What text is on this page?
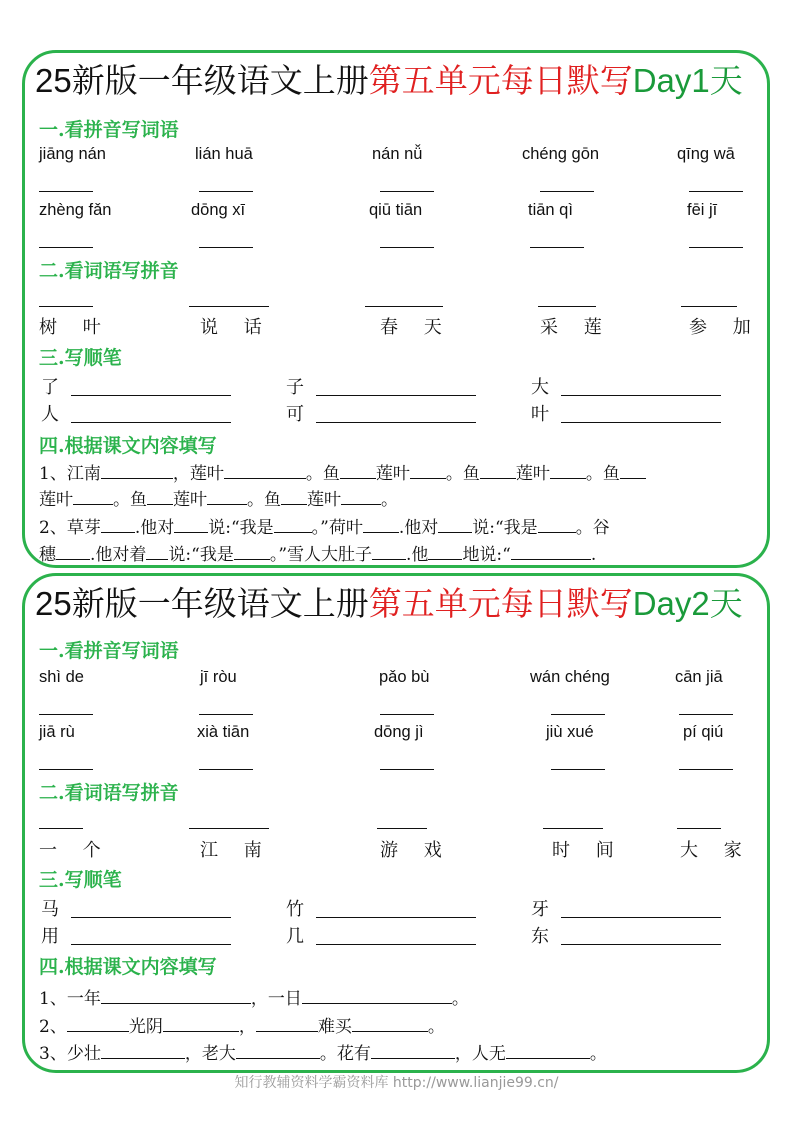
25新版一年级语文上册第五单元每日默写Day1天
一.看拼音写词语
jiāng nán	lián huā	nán nǚ	chéng gōn	qīng wā
zhèng fǎn	dōng xī	qiū tiān	tiān qì	fēi jī
二.看词语写拼音
树 叶	说 话	春 天	采 莲	参 加
三.写顺笔
了	子	大
人	可	叶
四.根据课文内容填写
1、江南	，莲叶	。鱼 莲叶 。鱼 莲叶 。鱼
莲叶 。鱼 莲叶 。鱼 莲叶 。
2、草芽 .他对 说:“我是 。”荷叶 .他对 说:“我是 。谷
穗 .他对着 说:“我是 。”雪人大肚子 .他 地说:“	.
25新版一年级语文上册第五单元每日默写Day2天
一.看拼音写词语
shì de	jī ròu	pǎo bù	wán chéng	cān jiā
jiā rù	xià tiān	dōng jì	jiù xué	pí qiú
二.看词语写拼音
一 个	江 南	游 戏	时 间	大 家
三.写顺笔
马	竹	牙
用	几	东
四.根据课文内容填写
1、一年	，一日	。
2、	光阴	，	难买	。
3、少壮	，老大	。花有	，人无	。
知行教辅资料学霸资料库 http://www.lianjie99.cn/
